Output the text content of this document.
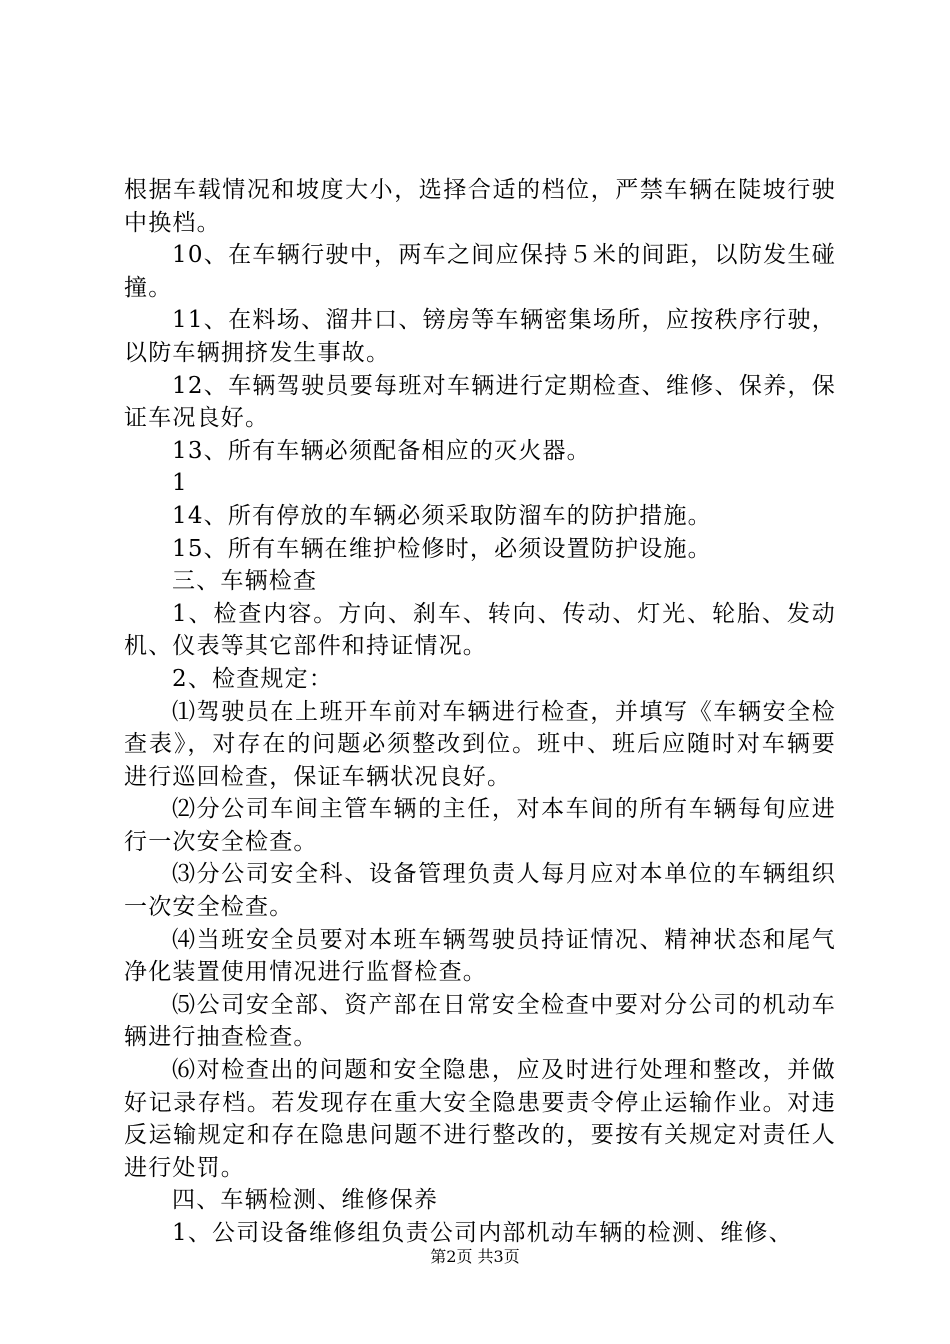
根据车载情况和坡度大小，选择合适的档位，严禁车辆在陡坡行驶中换档。

10、在车辆行驶中，两车之间应保持５米的间距，以防发生碰撞。

11、在料场、溜井口、镑房等车辆密集场所，应按秩序行驶，以防车辆拥挤发生事故。

12、车辆驾驶员要每班对车辆进行定期检查、维修、保养，保证车况良好。

13、所有车辆必须配备相应的灭火器。

1

14、所有停放的车辆必须采取防溜车的防护措施。

15、所有车辆在维护检修时，必须设置防护设施。

三、车辆检查

1、检查内容。方向、刹车、转向、传动、灯光、轮胎、发动机、仪表等其它部件和持证情况。

2、检查规定：

⑴驾驶员在上班开车前对车辆进行检查，并填写《车辆安全检查表》，对存在的问题必须整改到位。班中、班后应随时对车辆要进行巡回检查，保证车辆状况良好。

⑵分公司车间主管车辆的主任，对本车间的所有车辆每旬应进行一次安全检查。

⑶分公司安全科、设备管理负责人每月应对本单位的车辆组织一次安全检查。

⑷当班安全员要对本班车辆驾驶员持证情况、精神状态和尾气净化装置使用情况进行监督检查。

⑸公司安全部、资产部在日常安全检查中要对分公司的机动车辆进行抽查检查。

⑹对检查出的问题和安全隐患，应及时进行处理和整改，并做好记录存档。若发现存在重大安全隐患要责令停止运输作业。对违反运输规定和存在隐患问题不进行整改的，要按有关规定对责任人进行处罚。

四、车辆检测、维修保养

1、公司设备维修组负责公司内部机动车辆的检测、维修、

第2页 共3页
